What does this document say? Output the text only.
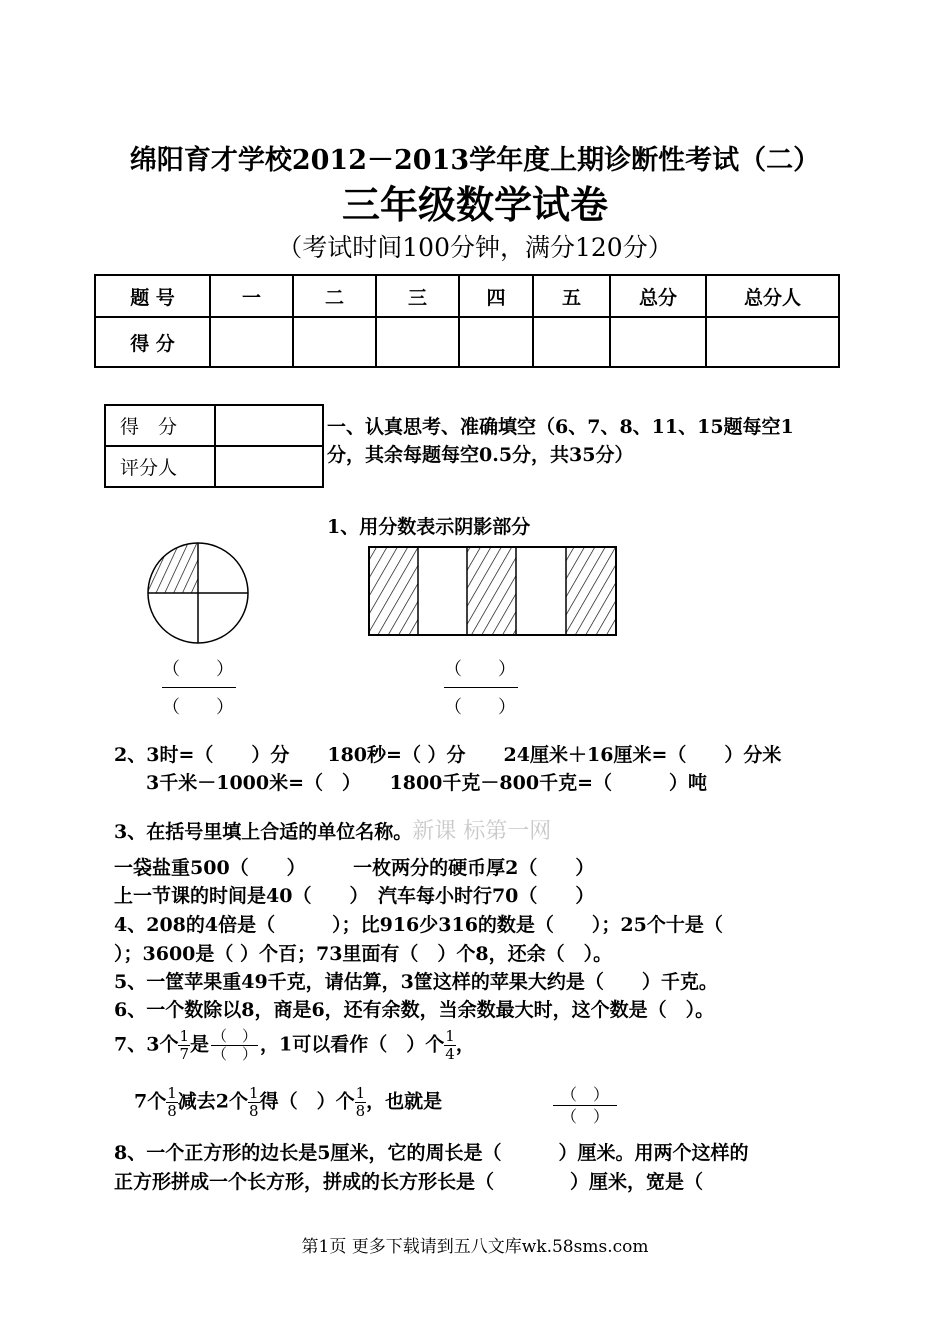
绵阳育才学校2012－2013学年度上期诊断性考试（二）
三年级数学试卷
（考试时间100分钟，满分120分）
题 号	一	二	三	四	五	总分	总分人
得 分							
得　分	
评分人	
一、认真思考、准确填空（6、7、8、11、15题每空1
分，其余每题每空0.5分，共35分）
1、用分数表示阴影部分
（　　）
（　　）
（　　）
（　　）
2、3时=（　　）分　　180秒=（ ）分　　24厘米＋16厘米=（　　）分米
3千米－1000米=（　）　　1800千克－800千克=（　　　）吨
3、在括号里填上合适的单位名称。新课 标第一网
一袋盐重500（　　）　　　一枚两分的硬币厚2（　　）
上一节课的时间是40（　　）　汽车每小时行70（　　）
4、208的4倍是（　　　）；比916少316的数是（　　）；25个十是（
）；3600是（ ）个百；73里面有（　）个8，还余（　）。
5、一筐苹果重49千克，请估算，3筐这样的苹果大约是（　　）千克。
6、一个数除以8，商是6，还有余数，当余数最大时，这个数是（　）。
7、3个 $\frac{1}{7}$ 是 $\frac{( )}{( )}$ ，1可以看作（　）个 $\frac{1}{4}$ ，
7个 $\frac{1}{8}$ 减去2个 $\frac{1}{8}$ 得（　）个 $\frac{1}{8}$ ，也就是	（　）
（　）
8、一个正方形的边长是5厘米，它的周长是（　　　）厘米。用两个这样的
正方形拼成一个长方形，拼成的长方形长是（　　　　）厘米，宽是（
第1页 更多下载请到五八文库wk.58sms.com
